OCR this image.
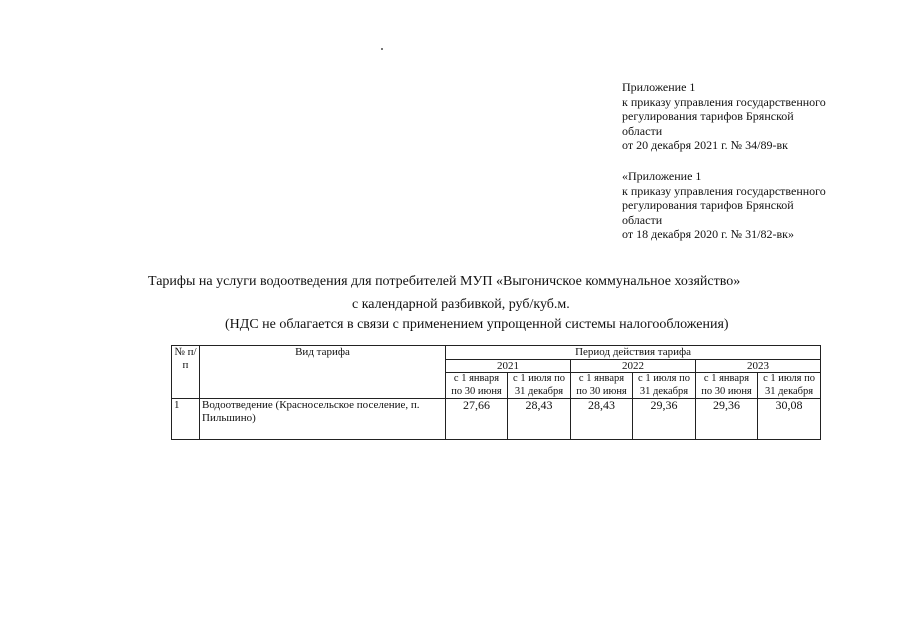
Приложение 1
к приказу управления государственного
регулирования тарифов Брянской
области
от 20 декабря 2021 г. № 34/89-вк
«Приложение 1
к приказу управления государственного
регулирования тарифов Брянской
области
от 18 декабря 2020 г. № 31/82-вк»
Тарифы на услуги водоотведения для потребителей МУП «Выгоничское коммунальное хозяйство»
с календарной разбивкой, руб/куб.м.
(НДС не облагается в связи с применением упрощенной системы налогообложения)
№ п/п	Вид тарифа	Период действия тарифа					
		2021		2022		2023	
		с 1 января по 30 июня	с 1 июля по 31 декабря	с 1 января по 30 июня	с 1 июля по 31 декабря	с 1 января по 30 июня	с 1 июля по 31 декабря
1	Водоотведение (Красносельское поселение, п. Пильшино)	27,66	28,43	28,43	29,36	29,36	30,08
